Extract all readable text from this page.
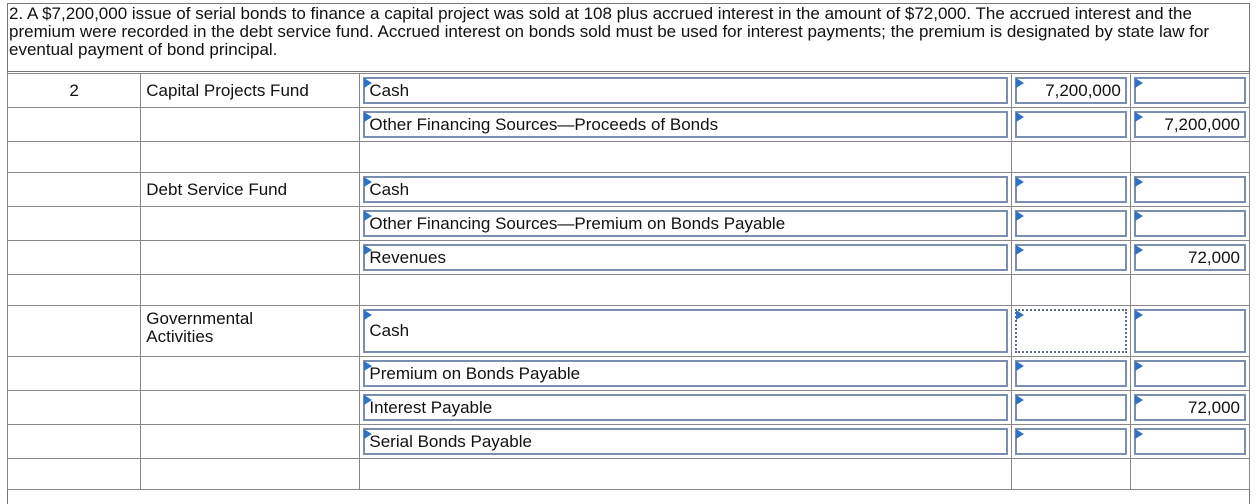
2. A $7,200,000 issue of serial bonds to finance a capital project was sold at 108 plus accrued interest in the amount of $72,000. The accrued interest and the premium were recorded in the debt service fund. Accrued interest on bonds sold must be used for interest payments; the premium is designated by state law for eventual payment of bond principal.
2	Capital Projects Fund	Cash	7,200,000	

		Other Financing Sources—Proceeds of Bonds		7,200,000

	Debt Service Fund	Cash		

		Other Financing Sources—Premium on Bonds Payable		

		Revenues		72,000

	Governmental Activities	Cash		

		Premium on Bonds Payable		

		Interest Payable		72,000

		Serial Bonds Payable		
